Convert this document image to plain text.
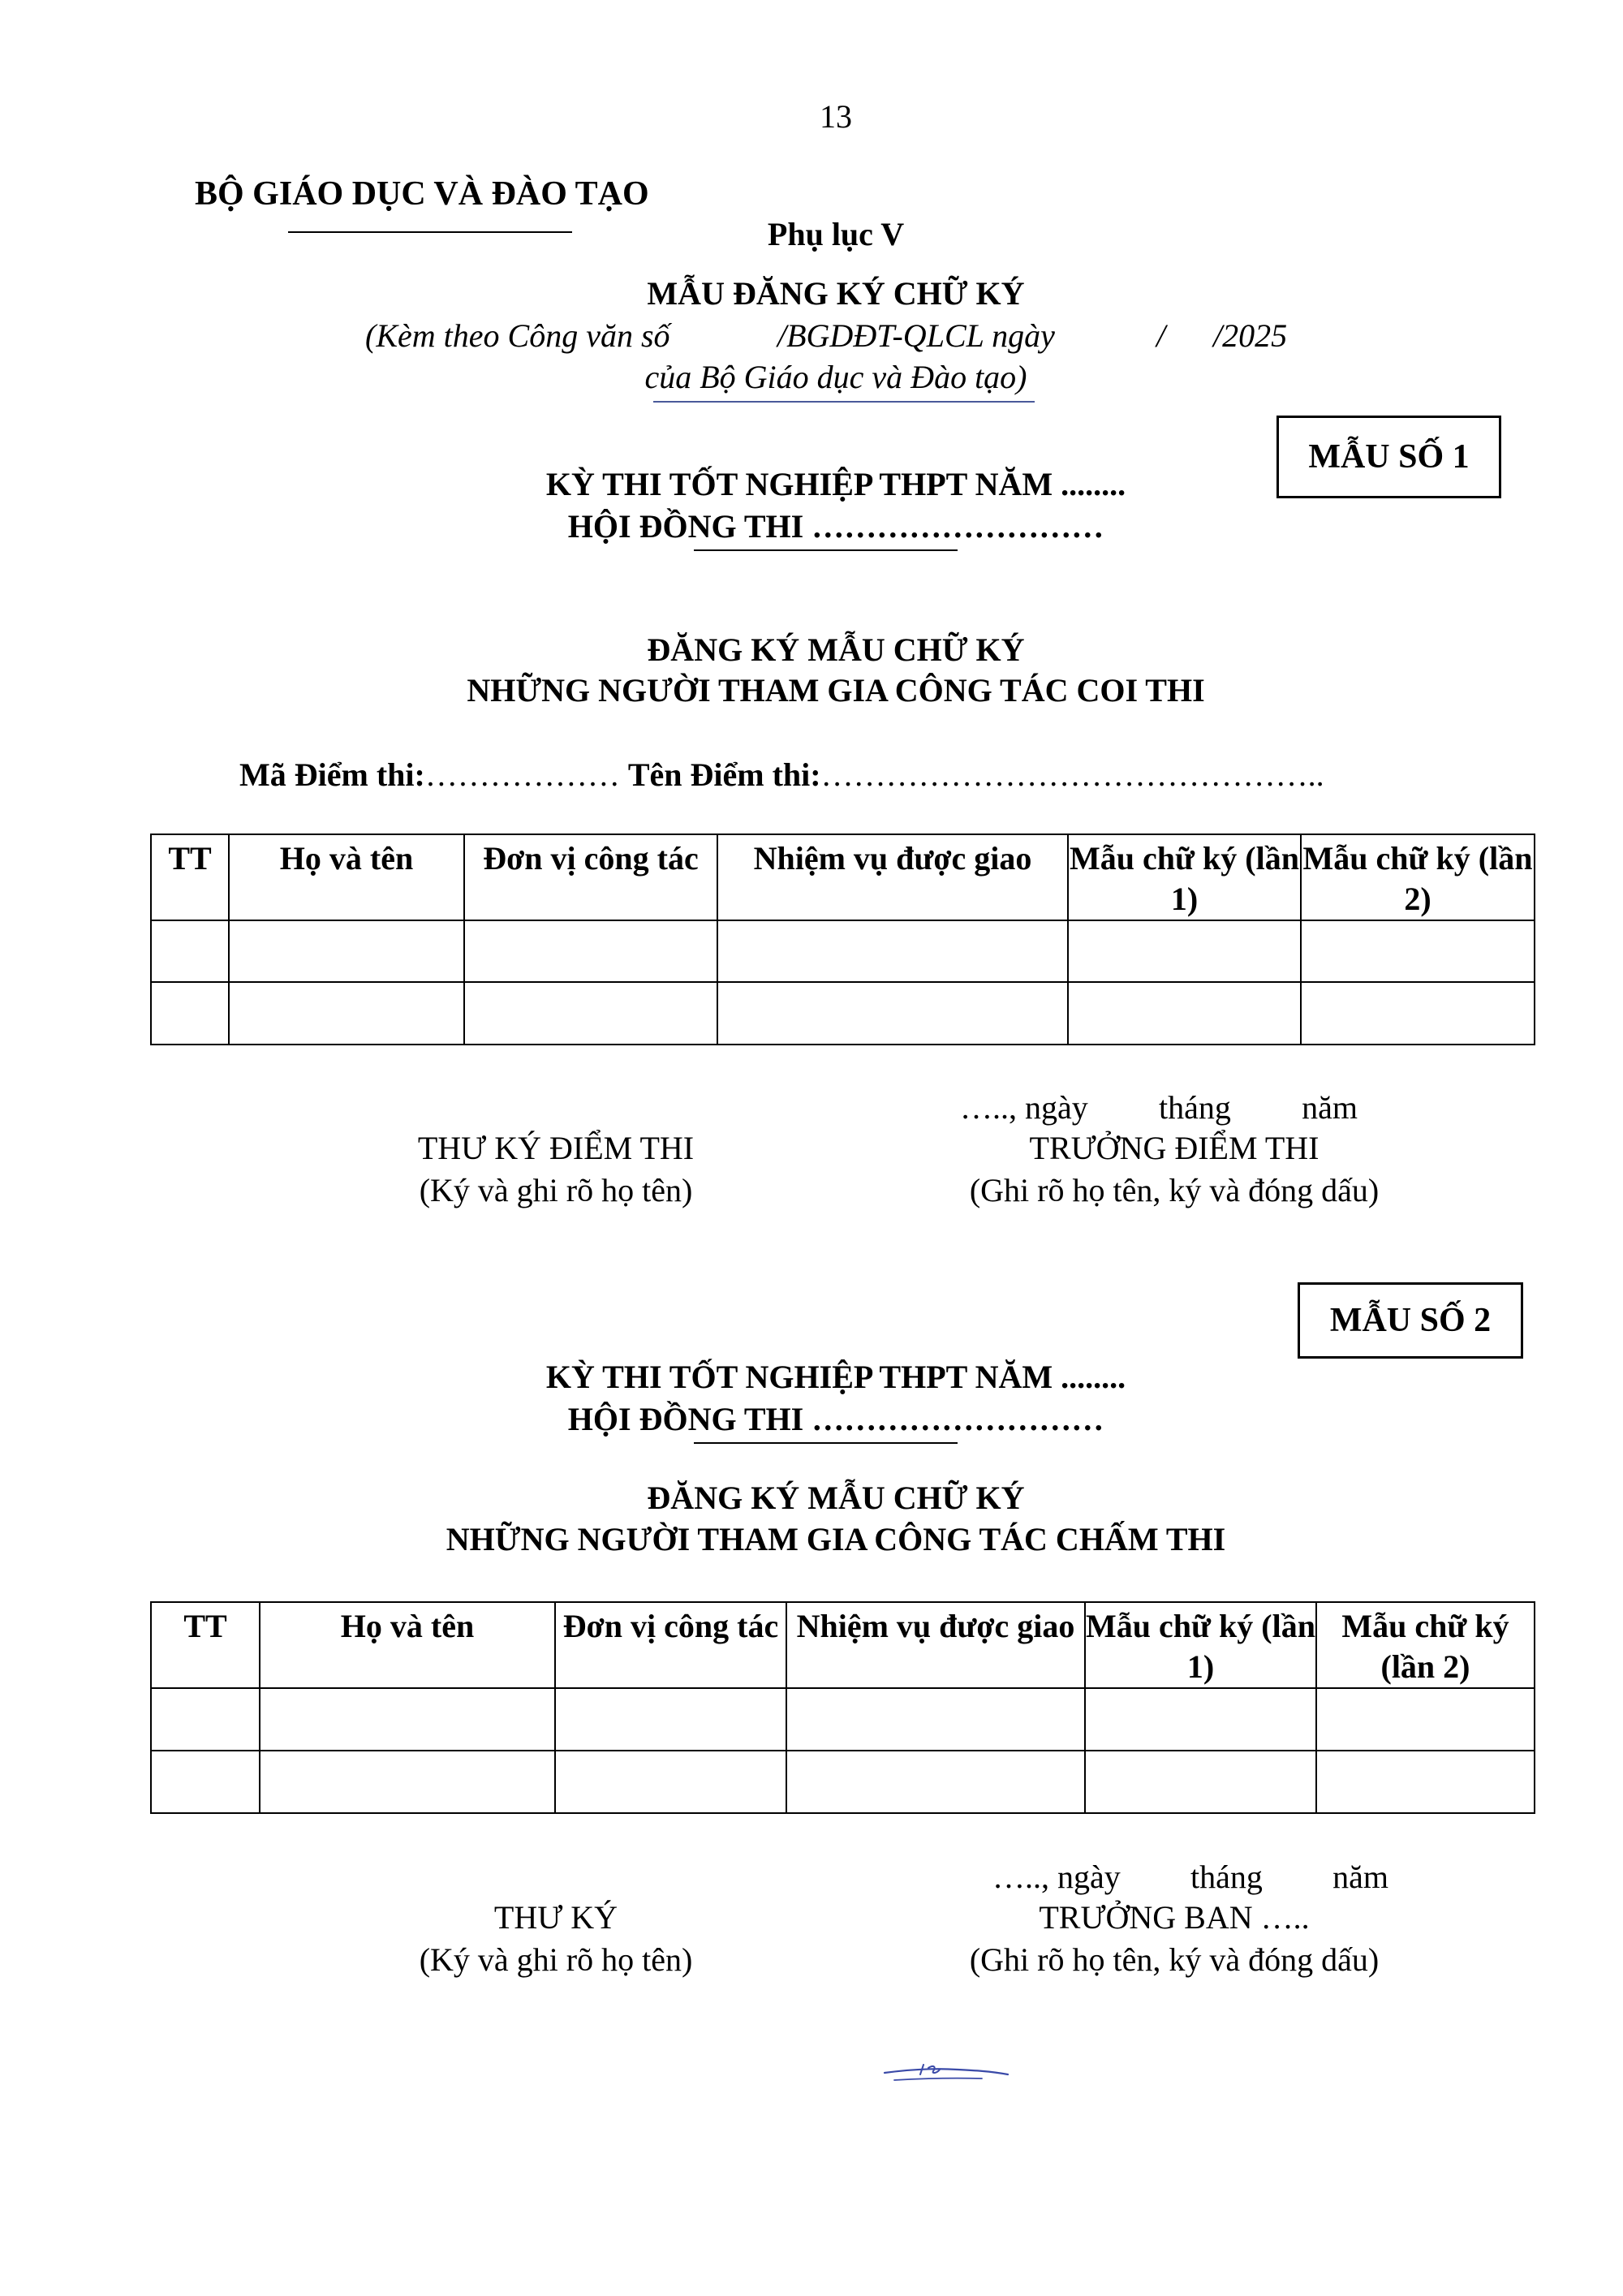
13
BỘ GIÁO DỤC VÀ ĐÀO TẠO
Phụ lục V
MẪU ĐĂNG KÝ CHỮ KÝ
(Kèm theo Công văn số	/BGDĐT-QLCL ngày	/ /2025
của Bộ Giáo dục và Đào tạo)
MẪU SỐ 1
KỲ THI TỐT NGHIỆP THPT NĂM ........
HỘI ĐỒNG THI ………………………
ĐĂNG KÝ MẪU CHỮ KÝ
NHỮNG NGƯỜI THAM GIA CÔNG TÁC COI THI
Mã Điểm thi:……………… Tên Điểm thi:………………………………………..
TT	Họ và tên	Đơn vị công tác	Nhiệm vụ được giao	Mẫu chữ ký (lần 1)	Mẫu chữ ký (lần 2)

….., ngày tháng năm
THƯ KÝ ĐIỂM THI
(Ký và ghi rõ họ tên)
TRƯỞNG ĐIỂM THI
(Ghi rõ họ tên, ký và đóng dấu)
MẪU SỐ 2
KỲ THI TỐT NGHIỆP THPT NĂM ........
HỘI ĐỒNG THI ………………………
ĐĂNG KÝ MẪU CHỮ KÝ
NHỮNG NGƯỜI THAM GIA CÔNG TÁC CHẤM THI
TT	Họ và tên	Đơn vị công tác	Nhiệm vụ được giao	Mẫu chữ ký (lần 1)	Mẫu chữ ký (lần 2)

….., ngày tháng năm
THƯ KÝ
(Ký và ghi rõ họ tên)
TRƯỞNG BAN …..
(Ghi rõ họ tên, ký và đóng dấu)
